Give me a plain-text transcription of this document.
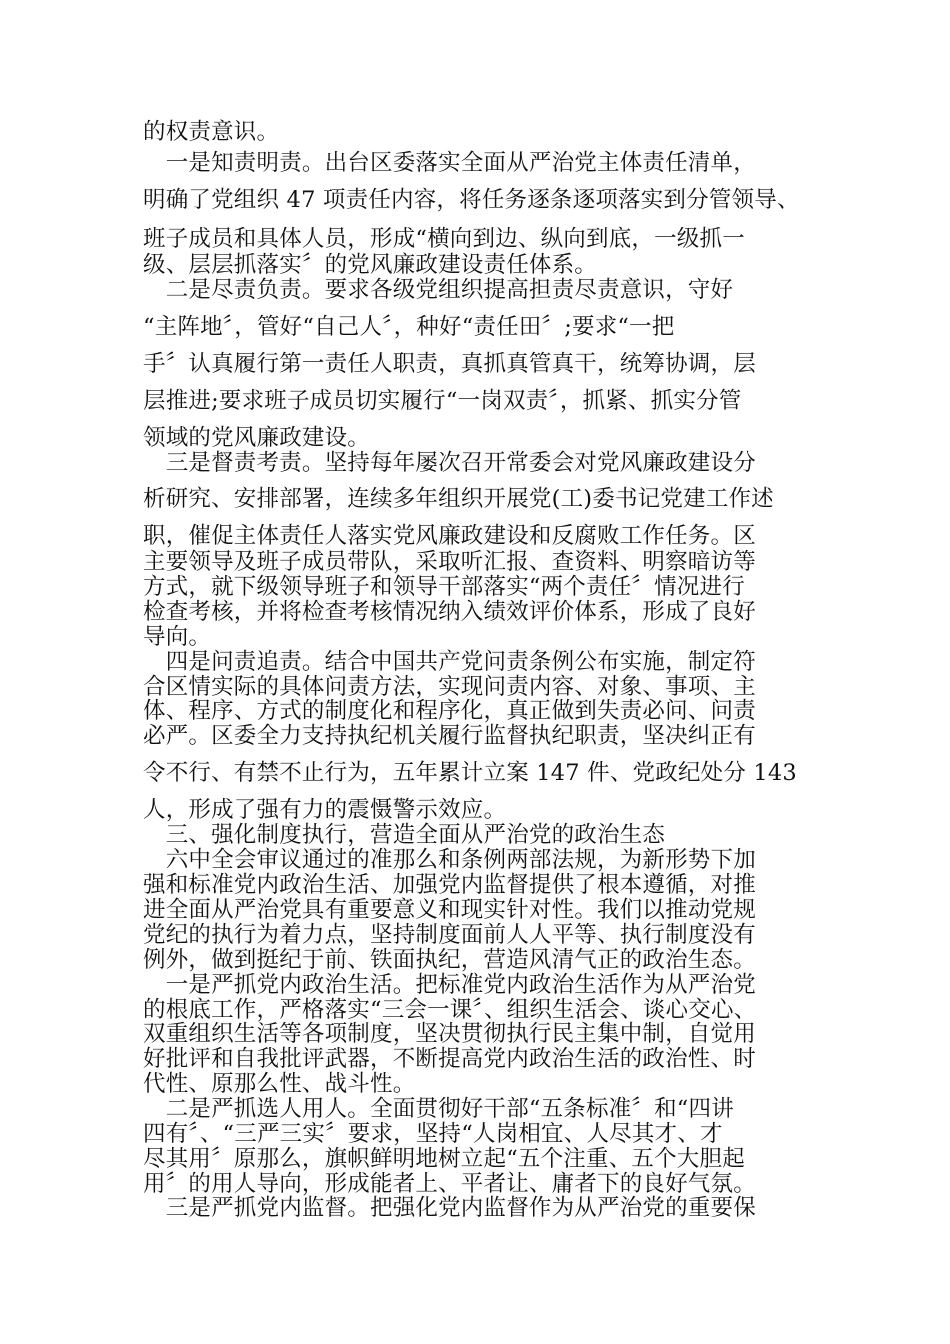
的权责意识。
　一是知责明责。出台区委落实全面从严治党主体责任清单，
明确了党组织 47 项责任内容，将任务逐条逐项落实到分管领导、
班子成员和具体人员，形成“横向到边、纵向到底，一级抓一
级、层层抓落实〞的党风廉政建设责任体系。
　二是尽责负责。要求各级党组织提高担责尽责意识，守好
“主阵地〞，管好“自己人〞，种好“责任田〞;要求“一把
手〞认真履行第一责任人职责，真抓真管真干，统筹协调，层
层推进;要求班子成员切实履行“一岗双责〞，抓紧、抓实分管
领域的党风廉政建设。
　三是督责考责。坚持每年屡次召开常委会对党风廉政建设分
析研究、安排部署，连续多年组织开展党(工)委书记党建工作述
职，催促主体责任人落实党风廉政建设和反腐败工作任务。区
主要领导及班子成员带队，采取听汇报、查资料、明察暗访等
方式，就下级领导班子和领导干部落实“两个责任〞情况进行
检查考核，并将检查考核情况纳入绩效评价体系，形成了良好
导向。
　四是问责追责。结合中国共产党问责条例公布实施，制定符
合区情实际的具体问责方法，实现问责内容、对象、事项、主
体、程序、方式的制度化和程序化，真正做到失责必问、问责
必严。区委全力支持执纪机关履行监督执纪职责，坚决纠正有
令不行、有禁不止行为，五年累计立案 147 件、党政纪处分 143
人，形成了强有力的震慑警示效应。
　三、强化制度执行，营造全面从严治党的政治生态
　六中全会审议通过的准那么和条例两部法规，为新形势下加
强和标准党内政治生活、加强党内监督提供了根本遵循，对推
进全面从严治党具有重要意义和现实针对性。我们以推动党规
党纪的执行为着力点，坚持制度面前人人平等、执行制度没有
例外，做到挺纪于前、铁面执纪，营造风清气正的政治生态。
　一是严抓党内政治生活。把标准党内政治生活作为从严治党
的根底工作，严格落实“三会一课〞、组织生活会、谈心交心、
双重组织生活等各项制度，坚决贯彻执行民主集中制，自觉用
好批评和自我批评武器，不断提高党内政治生活的政治性、时
代性、原那么性、战斗性。
　二是严抓选人用人。全面贯彻好干部“五条标准〞和“四讲
四有〞、“三严三实〞要求，坚持“人岗相宜、人尽其才、才
尽其用〞原那么，旗帜鲜明地树立起“五个注重、五个大胆起
用〞的用人导向，形成能者上、平者让、庸者下的良好气氛。
　三是严抓党内监督。把强化党内监督作为从严治党的重要保
